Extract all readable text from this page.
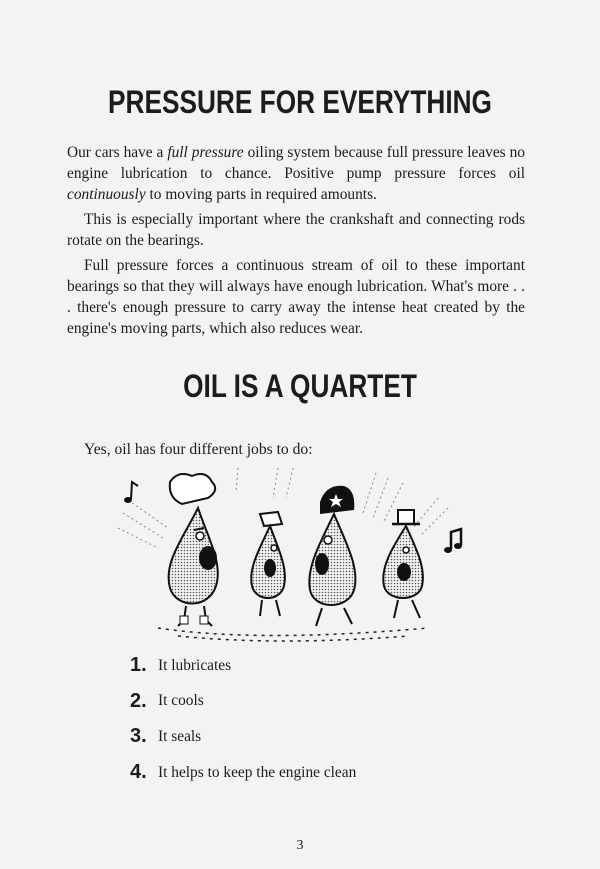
PRESSURE FOR EVERYTHING

Our cars have a full pressure oiling system because full pressure leaves no engine lubrication to chance. Positive pump pressure forces oil continuously to moving parts in required amounts.

This is especially important where the crankshaft and connecting rods rotate on the bearings.

Full pressure forces a continuous stream of oil to these important bearings so that they will always have enough lubrication. What's more . . . there's enough pressure to carry away the intense heat created by the engine's moving parts, which also reduces wear.

OIL IS A QUARTET

Yes, oil has four different jobs to do:

1. It lubricates
2. It cools
3. It seals
4. It helps to keep the engine clean

3
